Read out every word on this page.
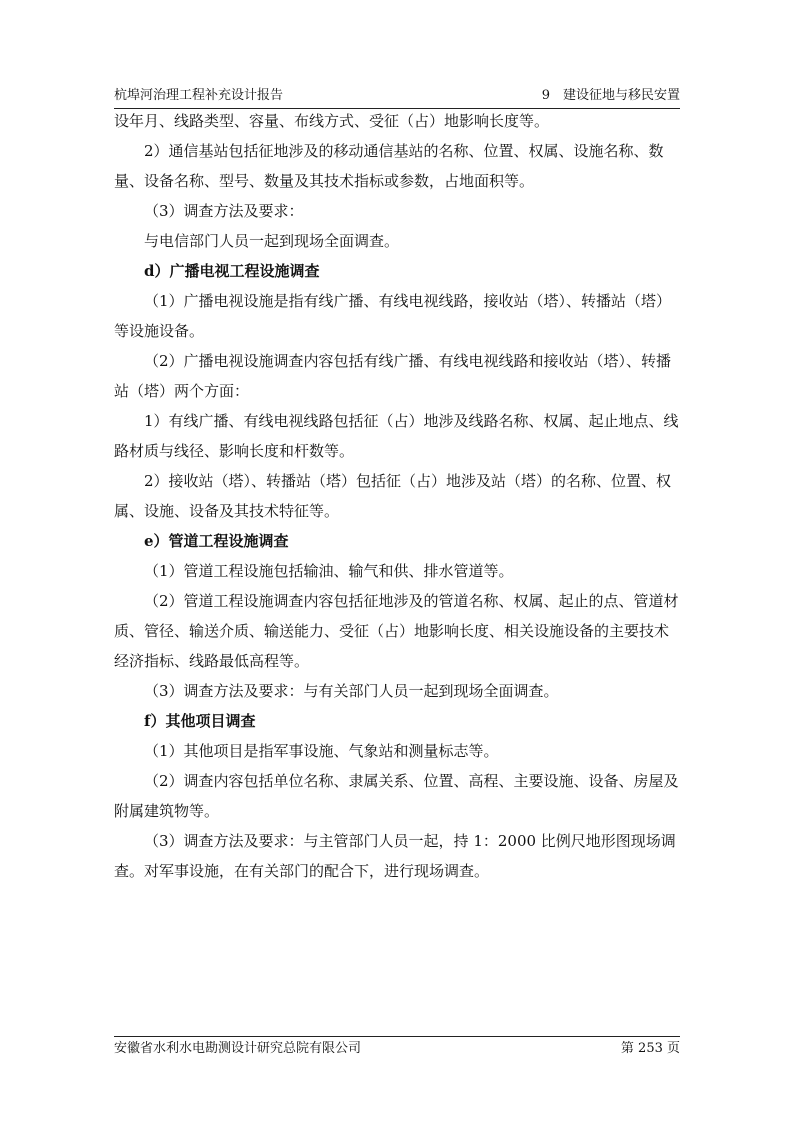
杭埠河治理工程补充设计报告	9　建设征地与移民安置

设年月、线路类型、容量、布线方式、受征（占）地影响长度等。

2）通信基站包括征地涉及的移动通信基站的名称、位置、权属、设施名称、数量、设备名称、型号、数量及其技术指标或参数，占地面积等。

（3）调查方法及要求：

与电信部门人员一起到现场全面调查。

d）广播电视工程设施调查

（1）广播电视设施是指有线广播、有线电视线路，接收站（塔）、转播站（塔）等设施设备。

（2）广播电视设施调查内容包括有线广播、有线电视线路和接收站（塔）、转播站（塔）两个方面：

1）有线广播、有线电视线路包括征（占）地涉及线路名称、权属、起止地点、线路材质与线径、影响长度和杆数等。

2）接收站（塔）、转播站（塔）包括征（占）地涉及站（塔）的名称、位置、权属、设施、设备及其技术特征等。

e）管道工程设施调查

（1）管道工程设施包括输油、输气和供、排水管道等。

（2）管道工程设施调查内容包括征地涉及的管道名称、权属、起止的点、管道材质、管径、输送介质、输送能力、受征（占）地影响长度、相关设施设备的主要技术经济指标、线路最低高程等。

（3）调查方法及要求：与有关部门人员一起到现场全面调查。

f）其他项目调查

（1）其他项目是指军事设施、气象站和测量标志等。

（2）调查内容包括单位名称、隶属关系、位置、高程、主要设施、设备、房屋及附属建筑物等。

（3）调查方法及要求：与主管部门人员一起，持 1：2000 比例尺地形图现场调查。对军事设施，在有关部门的配合下，进行现场调查。

安徽省水利水电勘测设计研究总院有限公司	第 253 页
